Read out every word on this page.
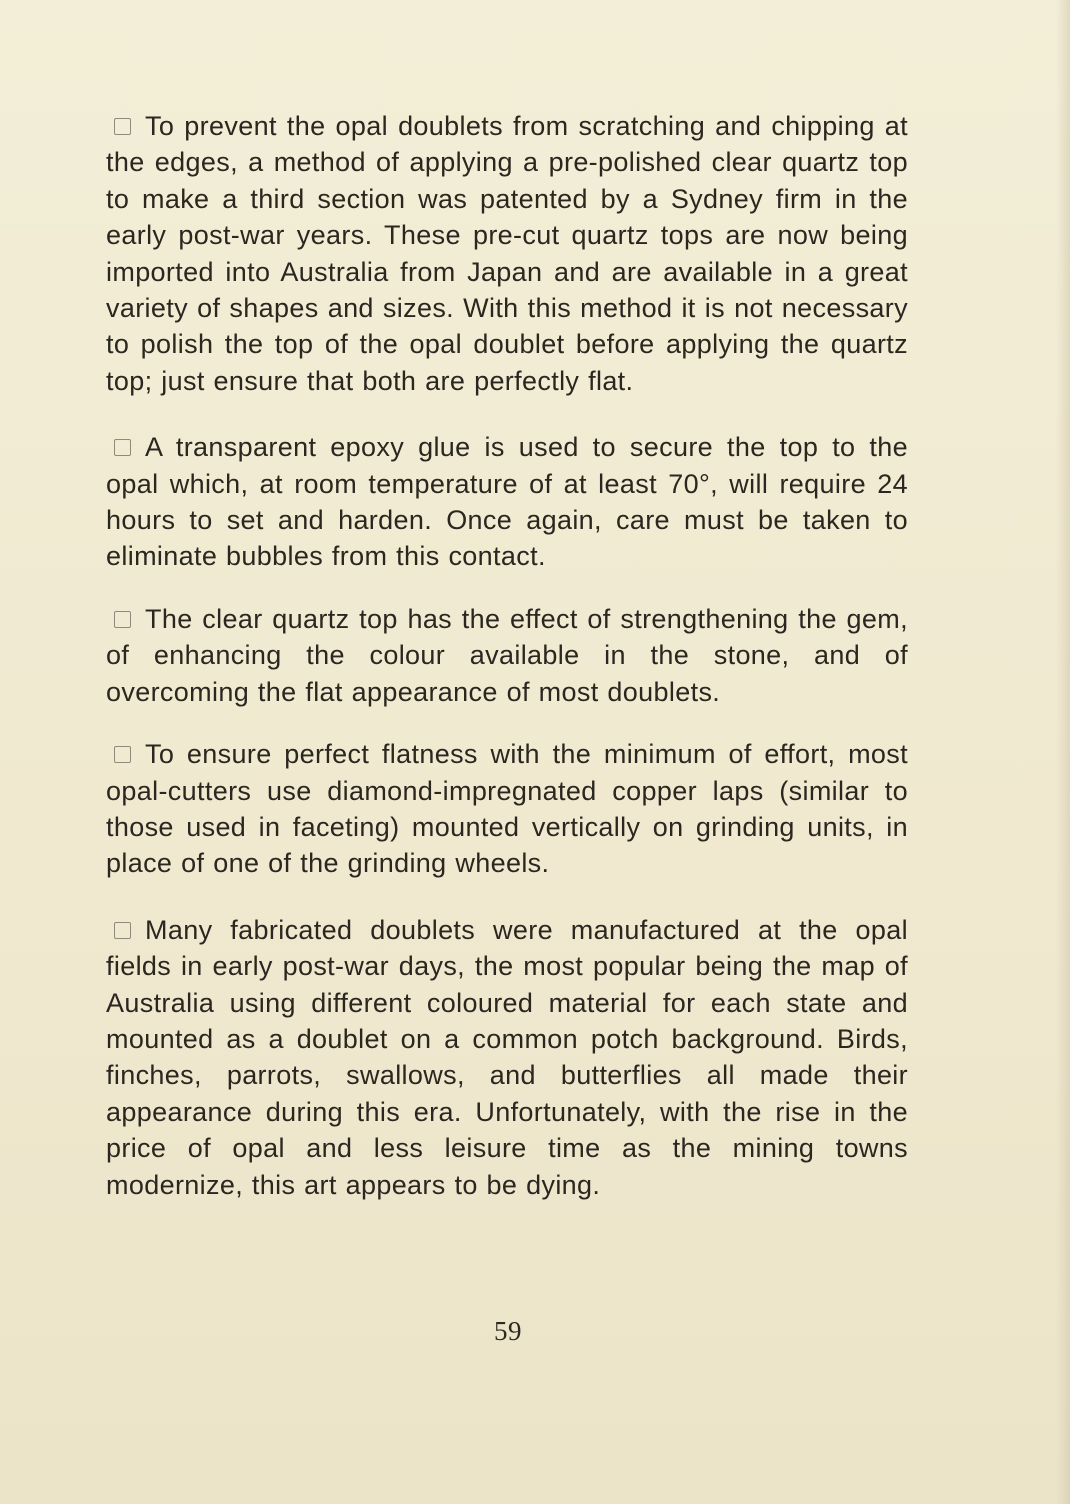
To prevent the opal doublets from scratching and chipping at the edges, a method of applying a pre-polished clear quartz top to make a third section was patented by a Sydney firm in the early post-war years. These pre-cut quartz tops are now being imported into Australia from Japan and are available in a great variety of shapes and sizes. With this method it is not necessary to polish the top of the opal doublet before applying the quartz top; just ensure that both are perfectly flat.

A transparent epoxy glue is used to secure the top to the opal which, at room temperature of at least 70°, will require 24 hours to set and harden. Once again, care must be taken to eliminate bubbles from this contact.

The clear quartz top has the effect of strengthening the gem, of enhancing the colour available in the stone, and of overcoming the flat appearance of most doublets.

To ensure perfect flatness with the minimum of effort, most opal-cutters use diamond-impregnated copper laps (similar to those used in faceting) mounted vertically on grinding units, in place of one of the grinding wheels.

Many fabricated doublets were manufactured at the opal fields in early post-war days, the most popular being the map of Australia using different coloured material for each state and mounted as a doublet on a common potch background. Birds, finches, parrots, swallows, and butterflies all made their appearance during this era. Unfortunately, with the rise in the price of opal and less leisure time as the mining towns modernize, this art appears to be dying.

59
